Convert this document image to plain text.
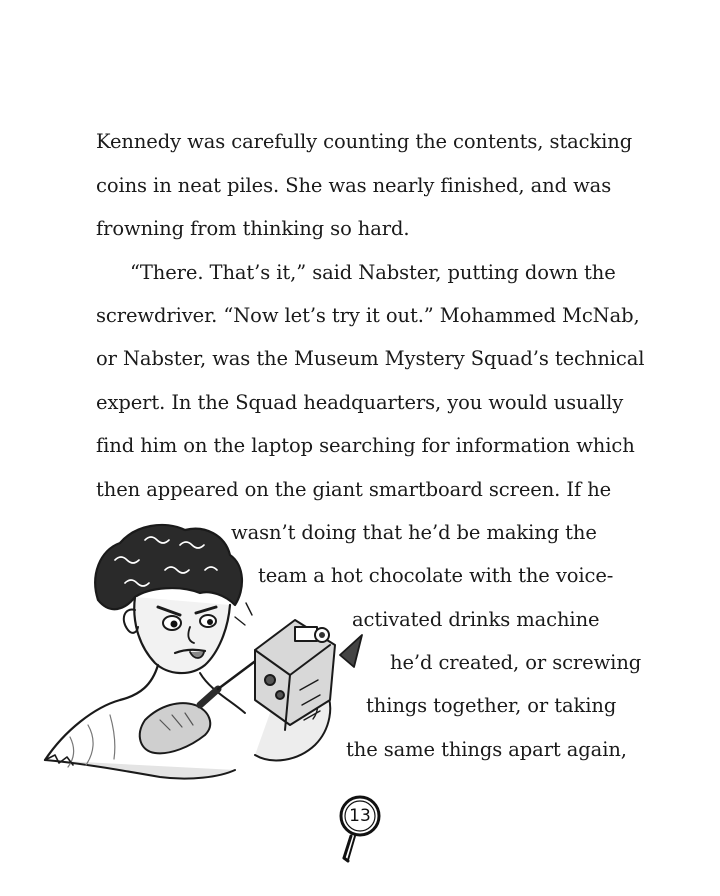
Kennedy was carefully counting the contents, stacking
coins in neat piles. She was nearly finished, and was
frowning from thinking so hard.
“There. That’s it,” said Nabster, putting down the
screwdriver. “Now let’s try it out.” Mohammed McNab,
or Nabster, was the Museum Mystery Squad’s technical
expert. In the Squad headquarters, you would usually
find him on the laptop searching for information which
then appeared on the giant smartboard screen. If he
wasn’t doing that he’d be making the
team a hot chocolate with the voice-
activated drinks machine
he’d created, or screwing
things together, or taking
the same things apart again,
13
